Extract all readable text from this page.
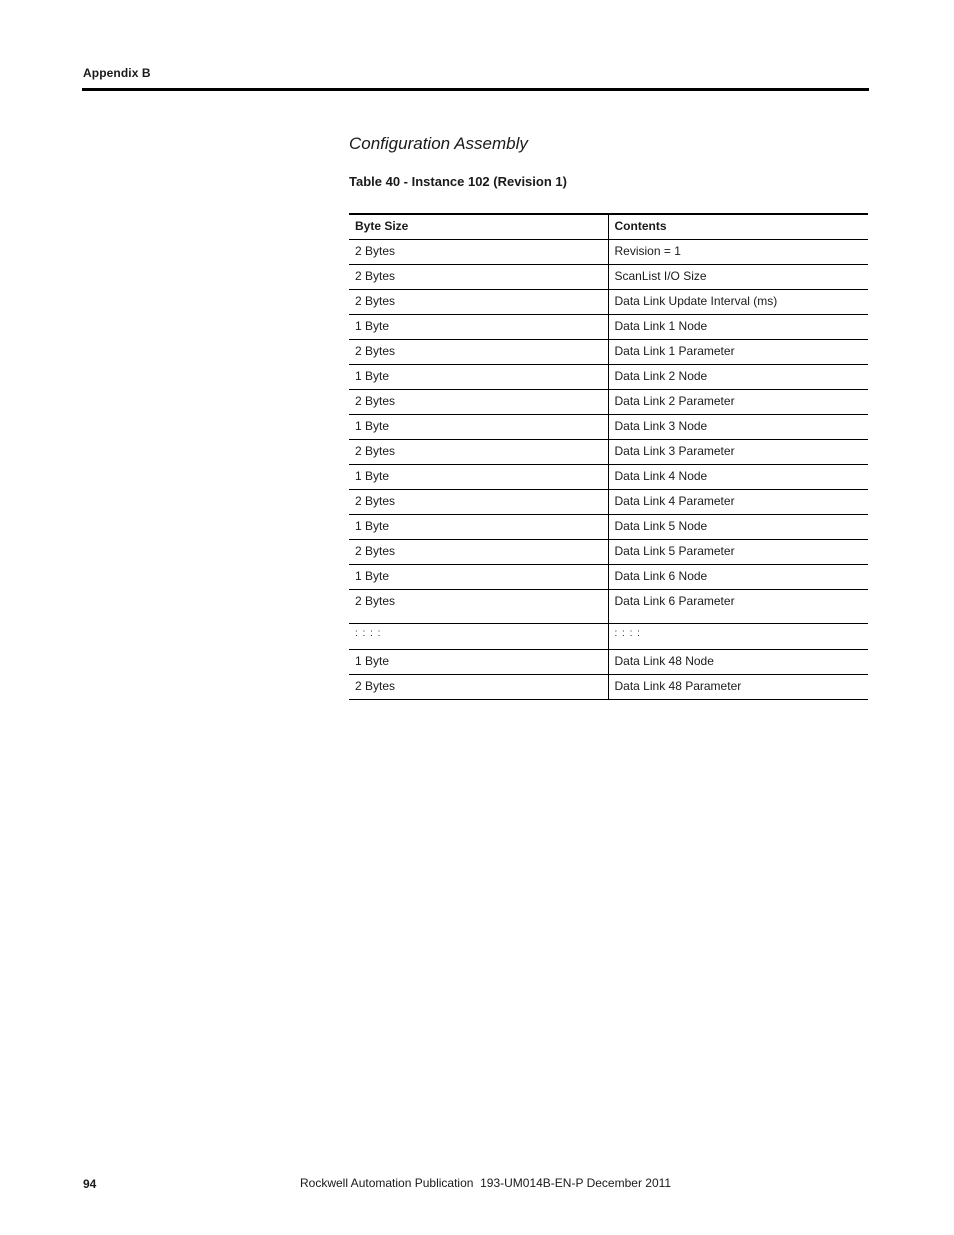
Appendix B
Configuration Assembly
Table 40 - Instance 102 (Revision 1)
Byte Size	Contents
2 Bytes	Revision = 1
2 Bytes	ScanList I/O Size
2 Bytes	Data Link Update Interval (ms)
1 Byte	Data Link 1 Node
2 Bytes	Data Link 1 Parameter
1 Byte	Data Link 2 Node
2 Bytes	Data Link 2 Parameter
1 Byte	Data Link 3 Node
2 Bytes	Data Link 3 Parameter
1 Byte	Data Link 4 Node
2 Bytes	Data Link 4 Parameter
1 Byte	Data Link 5 Node
2 Bytes	Data Link 5 Parameter
1 Byte	Data Link 6 Node
2 Bytes	Data Link 6 Parameter
: : : :	: : : :
1 Byte	Data Link 48 Node
2 Bytes	Data Link 48 Parameter
94	Rockwell Automation Publication  193-UM014B-EN-P December 2011
